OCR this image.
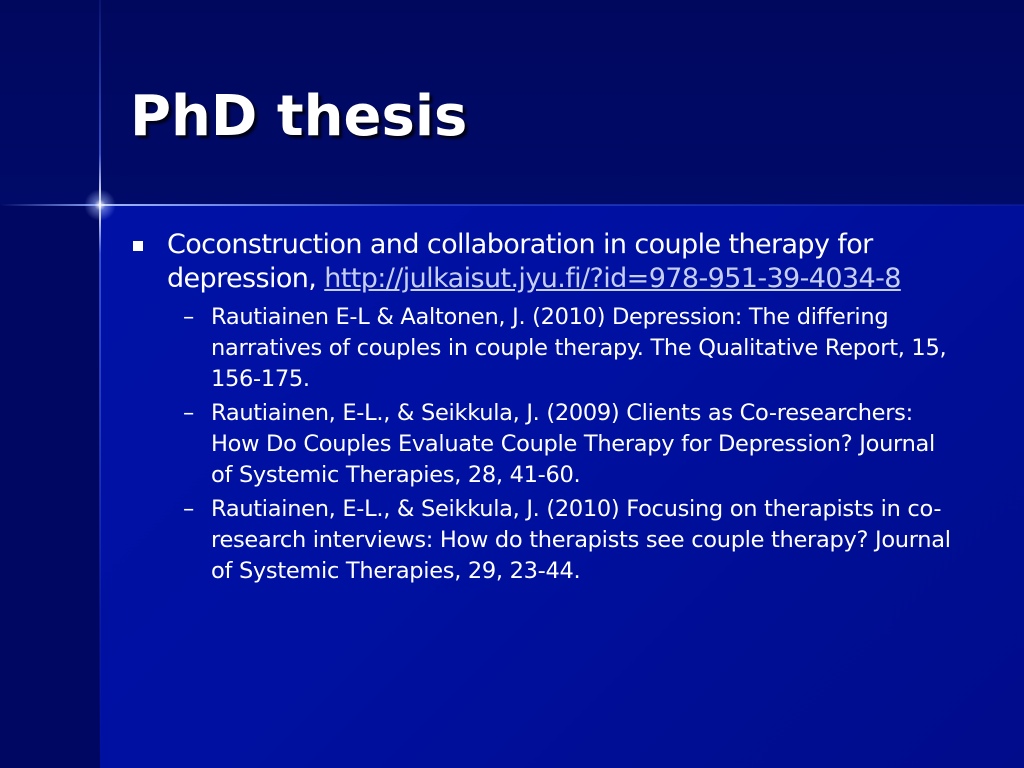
PhD thesis
Coconstruction and collaboration in couple therapy for depression, http://julkaisut.jyu.fi/?id=978-951-39-4034-8
– Rautiainen E-L & Aaltonen, J. (2010) Depression: The differing narratives of couples in couple therapy. The Qualitative Report, 15, 156-175.
– Rautiainen, E-L., & Seikkula, J. (2009) Clients as Co-researchers: How Do Couples Evaluate Couple Therapy for Depression? Journal of Systemic Therapies, 28, 41-60.
– Rautiainen, E-L., & Seikkula, J. (2010) Focusing on therapists in co-research interviews: How do therapists see couple therapy? Journal of Systemic Therapies, 29, 23-44.
